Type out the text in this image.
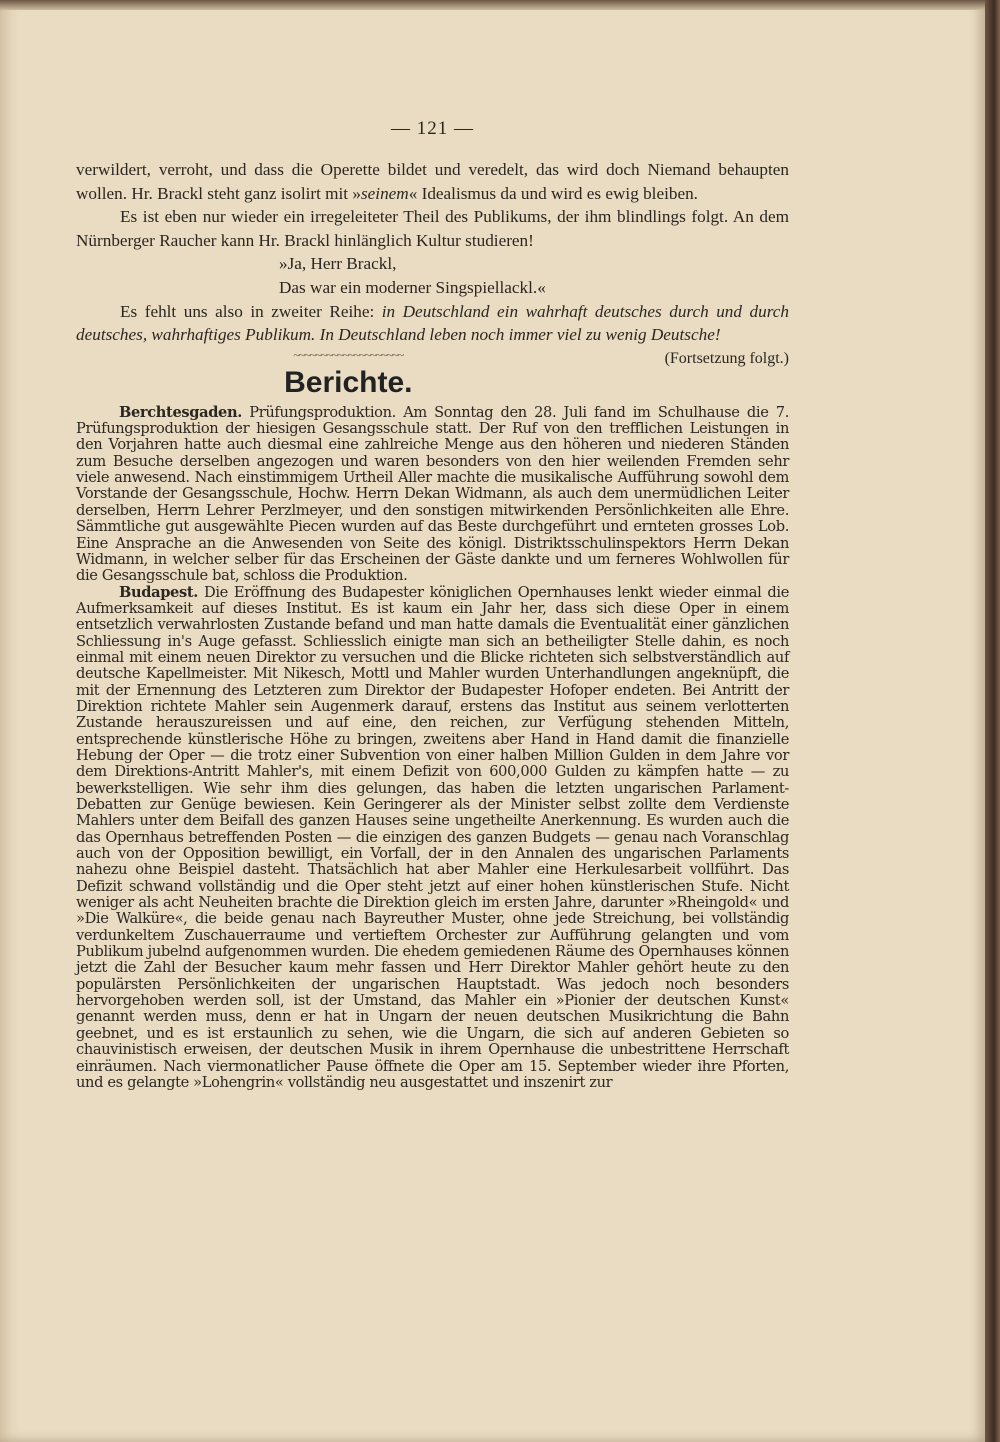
— 121 —

verwildert, verroht, und dass die Operette bildet und veredelt, das wird doch Niemand behaupten wollen. Hr. Brackl steht ganz isolirt mit »seinem« Idealismus da und wird es ewig bleiben.

Es ist eben nur wieder ein irregeleiteter Theil des Publikums, der ihm blindlings folgt. An dem Nürnberger Raucher kann Hr. Brackl hinlänglich Kultur studieren!

»Ja, Herr Brackl,

Das war ein moderner Singspiellackl.«

Es fehlt uns also in zweiter Reihe: in Deutschland ein wahrhaft deutsches durch und durch deutsches, wahrhaftiges Publikum. In Deutschland leben noch immer viel zu wenig Deutsche!
(Fortsetzung folgt.)

~~~~~~~~~~~~~~~~~~~~
Berichte.

Berchtesgaden. Prüfungsproduktion. Am Sonntag den 28. Juli fand im Schulhause die 7. Prüfungsproduktion der hiesigen Gesangsschule statt. Der Ruf von den trefflichen Leistungen in den Vorjahren hatte auch diesmal eine zahlreiche Menge aus den höheren und niederen Ständen zum Besuche derselben angezogen und waren besonders von den hier weilenden Fremden sehr viele anwesend. Nach einstimmigem Urtheil Aller machte die musikalische Aufführung sowohl dem Vorstande der Gesangsschule, Hochw. Herrn Dekan Widmann, als auch dem unermüdlichen Leiter derselben, Herrn Lehrer Perzlmeyer, und den sonstigen mitwirkenden Persönlichkeiten alle Ehre. Sämmtliche gut ausgewählte Piecen wurden auf das Beste durchgeführt und ernteten grosses Lob. Eine Ansprache an die Anwesenden von Seite des königl. Distriktsschulinspektors Herrn Dekan Widmann, in welcher selber für das Erscheinen der Gäste dankte und um ferneres Wohlwollen für die Gesangsschule bat, schloss die Produktion.

Budapest. Die Eröffnung des Budapester königlichen Opernhauses lenkt wieder einmal die Aufmerksamkeit auf dieses Institut. Es ist kaum ein Jahr her, dass sich diese Oper in einem entsetzlich verwahrlosten Zustande befand und man hatte damals die Eventualität einer gänzlichen Schliessung in's Auge gefasst. Schliesslich einigte man sich an betheiligter Stelle dahin, es noch einmal mit einem neuen Direktor zu versuchen und die Blicke richteten sich selbstverständlich auf deutsche Kapellmeister. Mit Nikesch, Mottl und Mahler wurden Unterhandlungen angeknüpft, die mit der Ernennung des Letzteren zum Direktor der Budapester Hofoper endeten. Bei Antritt der Direktion richtete Mahler sein Augenmerk darauf, erstens das Institut aus seinem verlotterten Zustande herauszureissen und auf eine, den reichen, zur Verfügung stehenden Mitteln, entsprechende künstlerische Höhe zu bringen, zweitens aber Hand in Hand damit die finanzielle Hebung der Oper — die trotz einer Subvention von einer halben Million Gulden in dem Jahre vor dem Direktions-Antritt Mahler's, mit einem Defizit von 600,000 Gulden zu kämpfen hatte — zu bewerkstelligen. Wie sehr ihm dies gelungen, das haben die letzten ungarischen Parlament-Debatten zur Genüge bewiesen. Kein Geringerer als der Minister selbst zollte dem Verdienste Mahlers unter dem Beifall des ganzen Hauses seine ungetheilte Anerkennung. Es wurden auch die das Opernhaus betreffenden Posten — die einzigen des ganzen Budgets — genau nach Voranschlag auch von der Opposition bewilligt, ein Vorfall, der in den Annalen des ungarischen Parlaments nahezu ohne Beispiel dasteht. Thatsächlich hat aber Mahler eine Herkulesarbeit vollführt. Das Defizit schwand vollständig und die Oper steht jetzt auf einer hohen künstlerischen Stufe. Nicht weniger als acht Neuheiten brachte die Direktion gleich im ersten Jahre, darunter »Rheingold« und »Die Walküre«, die beide genau nach Bayreuther Muster, ohne jede Streichung, bei vollständig verdunkeltem Zuschauerraume und vertieftem Orchester zur Aufführung gelangten und vom Publikum jubelnd aufgenommen wurden. Die ehedem gemiedenen Räume des Opernhauses können jetzt die Zahl der Besucher kaum mehr fassen und Herr Direktor Mahler gehört heute zu den populärsten Persönlichkeiten der ungarischen Hauptstadt. Was jedoch noch besonders hervorgehoben werden soll, ist der Umstand, das Mahler ein »Pionier der deutschen Kunst« genannt werden muss, denn er hat in Ungarn der neuen deutschen Musikrichtung die Bahn geebnet, und es ist erstaunlich zu sehen, wie die Ungarn, die sich auf anderen Gebieten so chauvinistisch erweisen, der deutschen Musik in ihrem Opernhause die unbestrittene Herrschaft einräumen. Nach viermonatlicher Pause öffnete die Oper am 15. September wieder ihre Pforten, und es gelangte »Lohengrin« vollständig neu ausgestattet und inszenirt zur
